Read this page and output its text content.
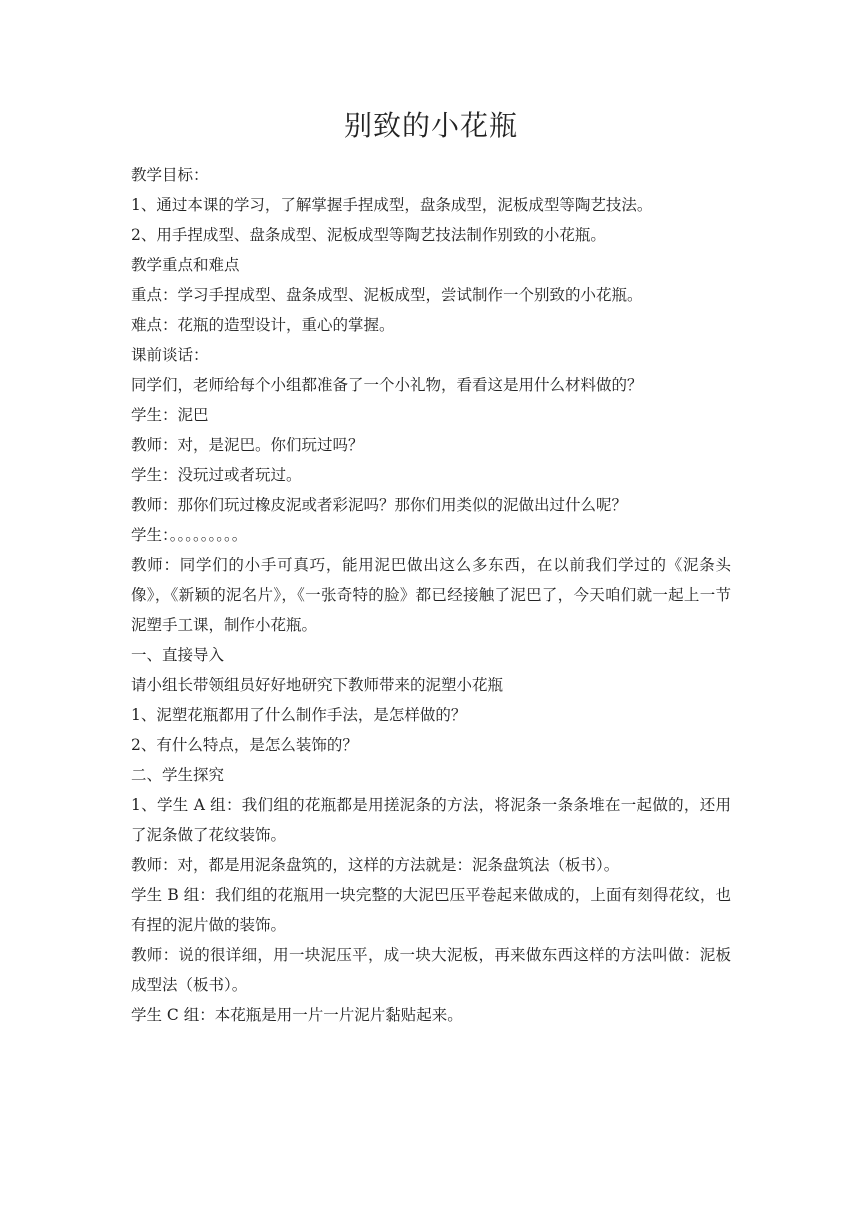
别致的小花瓶

教学目标：

1、通过本课的学习，了解掌握手捏成型，盘条成型，泥板成型等陶艺技法。

2、用手捏成型、盘条成型、泥板成型等陶艺技法制作别致的小花瓶。

教学重点和难点

重点：学习手捏成型、盘条成型、泥板成型，尝试制作一个别致的小花瓶。

难点：花瓶的造型设计，重心的掌握。

课前谈话：

同学们，老师给每个小组都准备了一个小礼物，看看这是用什么材料做的？

学生：泥巴

教师：对，是泥巴。你们玩过吗？

学生：没玩过或者玩过。

教师：那你们玩过橡皮泥或者彩泥吗？那你们用类似的泥做出过什么呢？

学生：。。。。。。。。。

教师：同学们的小手可真巧，能用泥巴做出这么多东西，在以前我们学过的《泥条头像》，《新颖的泥名片》，《一张奇特的脸》都已经接触了泥巴了，今天咱们就一起上一节泥塑手工课，制作小花瓶。

一、直接导入

请小组长带领组员好好地研究下教师带来的泥塑小花瓶

1、泥塑花瓶都用了什么制作手法，是怎样做的？

2、有什么特点，是怎么装饰的？

二、学生探究

1、学生 A 组：我们组的花瓶都是用搓泥条的方法，将泥条一条条堆在一起做的，还用了泥条做了花纹装饰。

教师：对，都是用泥条盘筑的，这样的方法就是：泥条盘筑法（板书）。

学生 B 组：我们组的花瓶用一块完整的大泥巴压平卷起来做成的，上面有刻得花纹，也有捏的泥片做的装饰。

教师：说的很详细，用一块泥压平，成一块大泥板，再来做东西这样的方法叫做：泥板成型法（板书）。

学生 C 组：本花瓶是用一片一片泥片黏贴起来。
